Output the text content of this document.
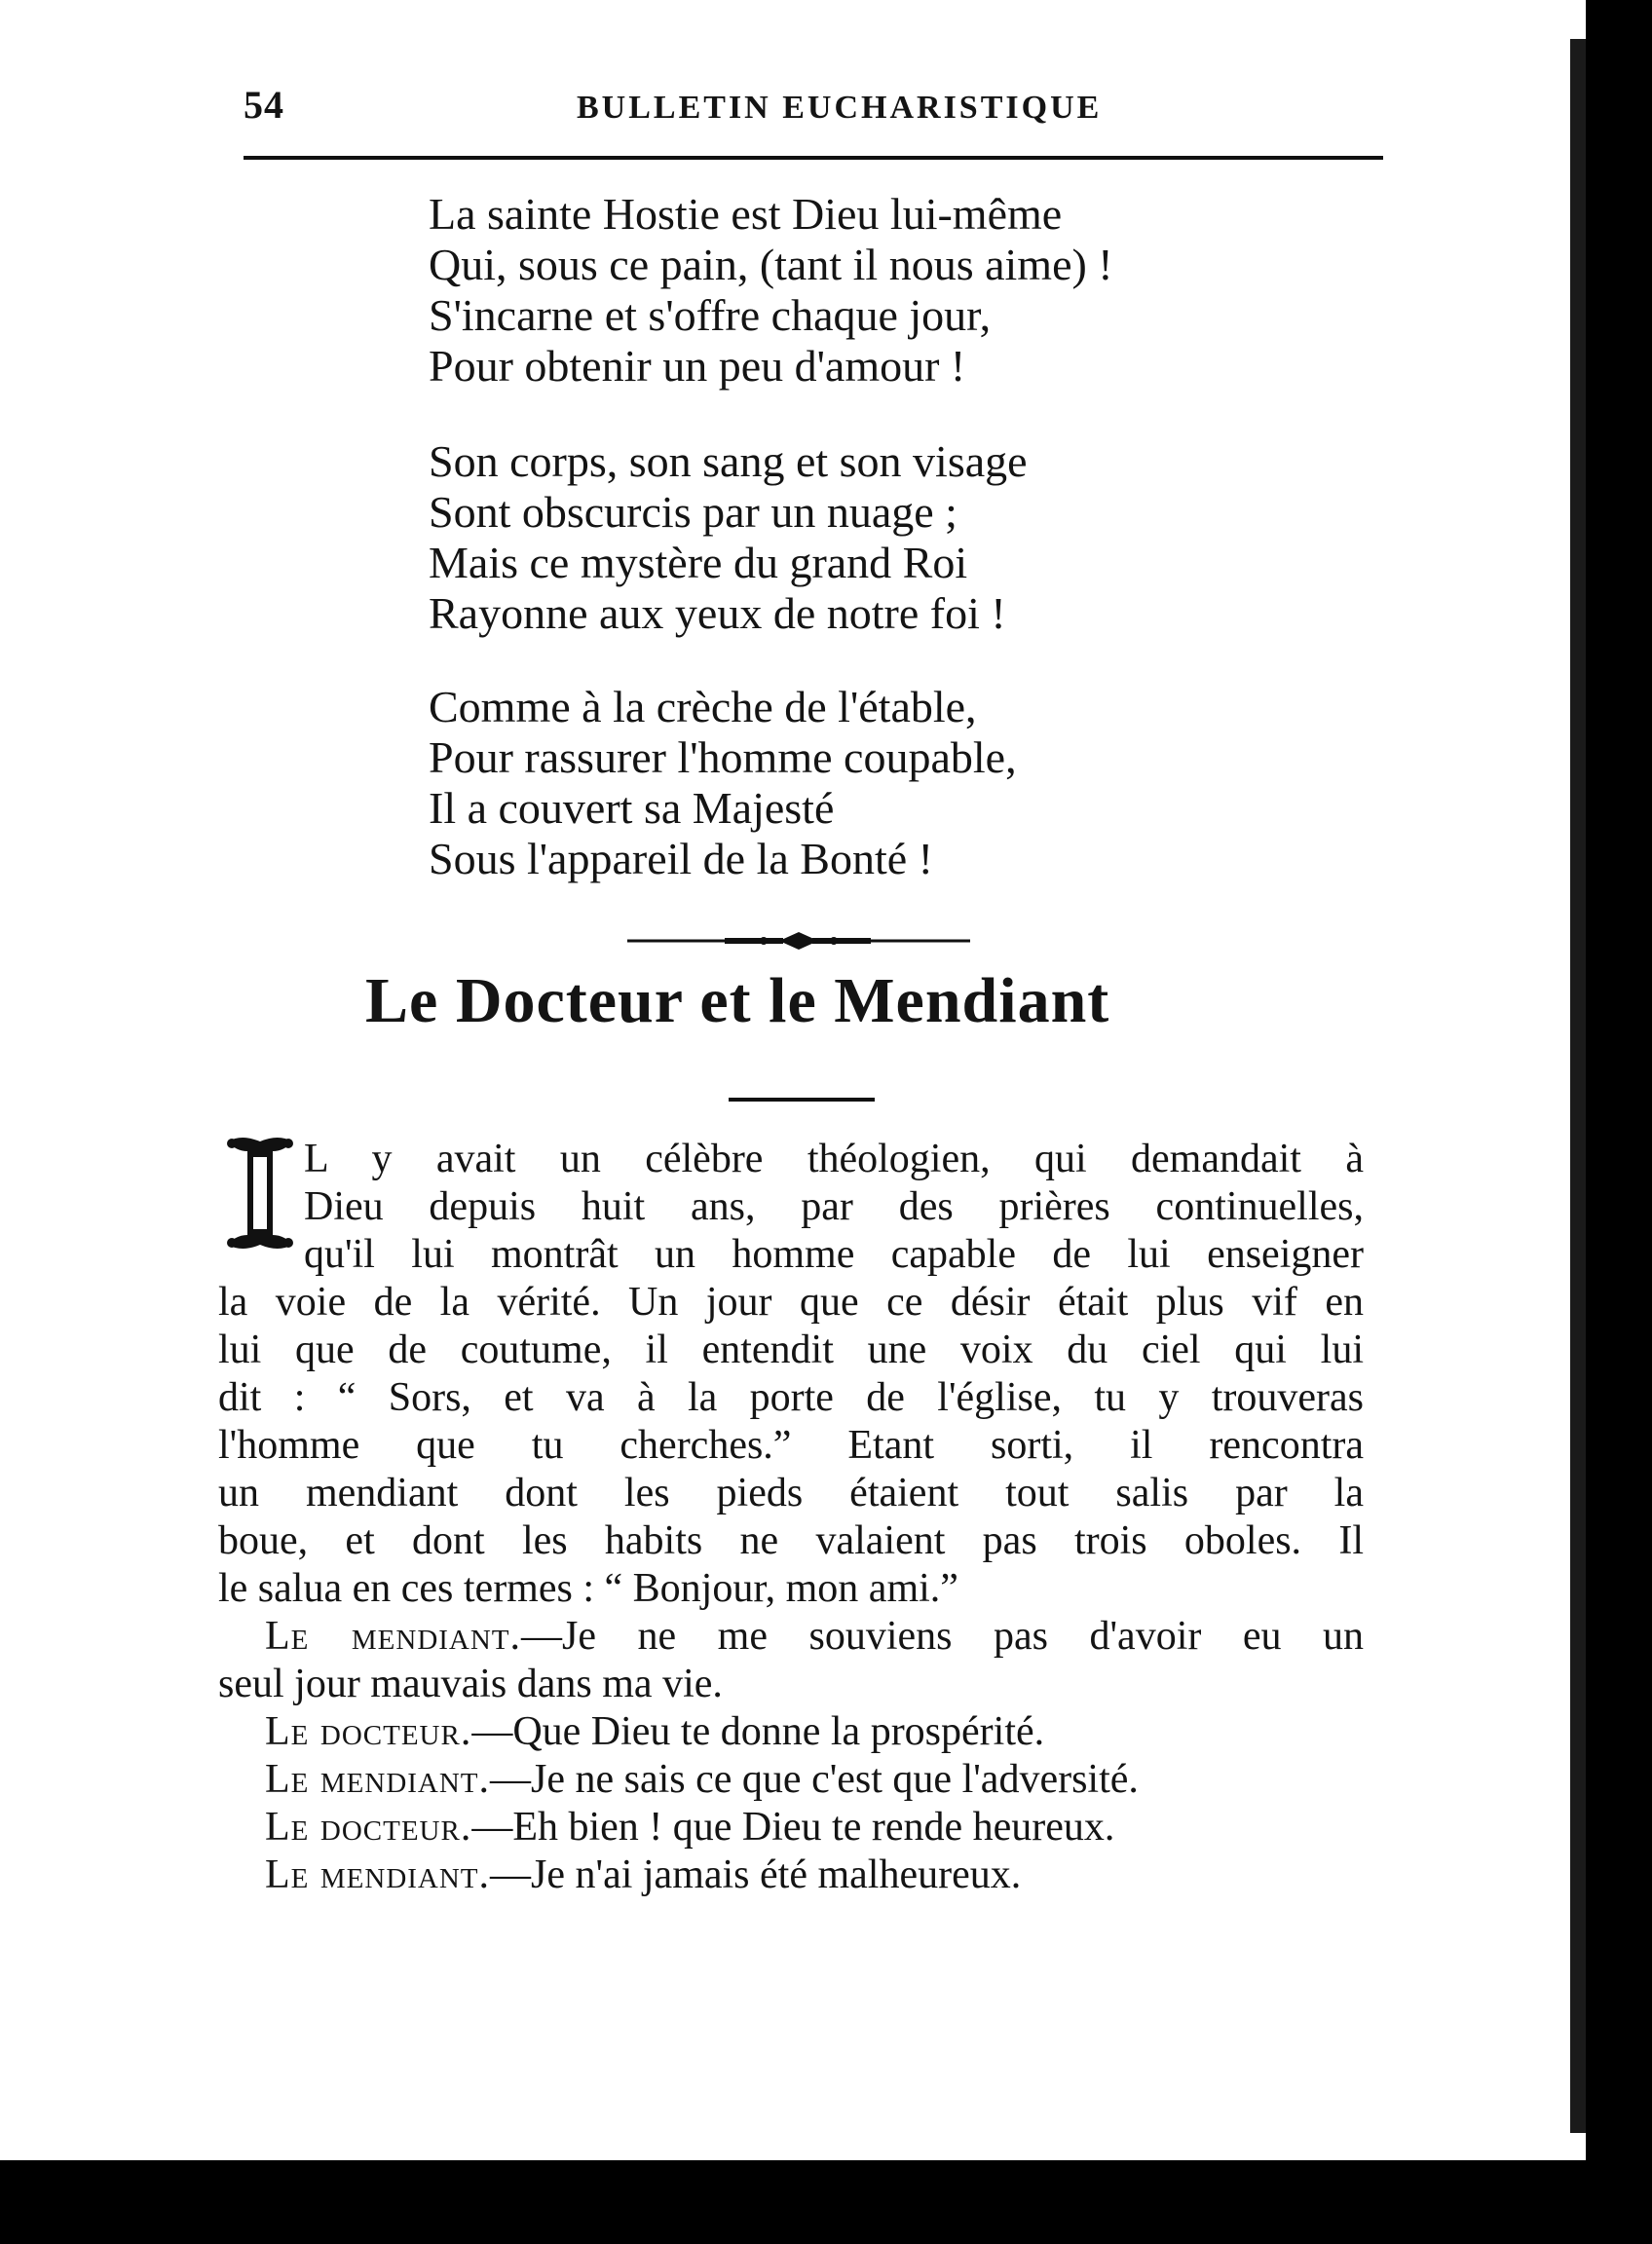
54	BULLETIN EUCHARISTIQUE
La sainte Hostie est Dieu lui-même
Qui, sous ce pain, (tant il nous aime) !
S'incarne et s'offre chaque jour,
Pour obtenir un peu d'amour !
Son corps, son sang et son visage
Sont obscurcis par un nuage ;
Mais ce mystère du grand Roi
Rayonne aux yeux de notre foi !
Comme à la crèche de l'étable,
Pour rassurer l'homme coupable,
Il a couvert sa Majesté
Sous l'appareil de la Bonté !
Le Docteur et le Mendiant
L y avait un célèbre théologien, qui demandait à
Dieu depuis huit ans, par des prières continuelles,
qu'il lui montrât un homme capable de lui enseigner
la voie de la vérité. Un jour que ce désir était plus vif en
lui que de coutume, il entendit une voix du ciel qui lui
dit : “ Sors, et va à la porte de l'église, tu y trouveras
l'homme que tu cherches.” Etant sorti, il rencontra
un mendiant dont les pieds étaient tout salis par la
boue, et dont les habits ne valaient pas trois oboles. Il
le salua en ces termes : “ Bonjour, mon ami.”
Le mendiant.—Je ne me souviens pas d'avoir eu un
seul jour mauvais dans ma vie.
Le docteur.—Que Dieu te donne la prospérité.
Le mendiant.—Je ne sais ce que c'est que l'adversité.
Le docteur.—Eh bien ! que Dieu te rende heureux.
Le mendiant.—Je n'ai jamais été malheureux.
